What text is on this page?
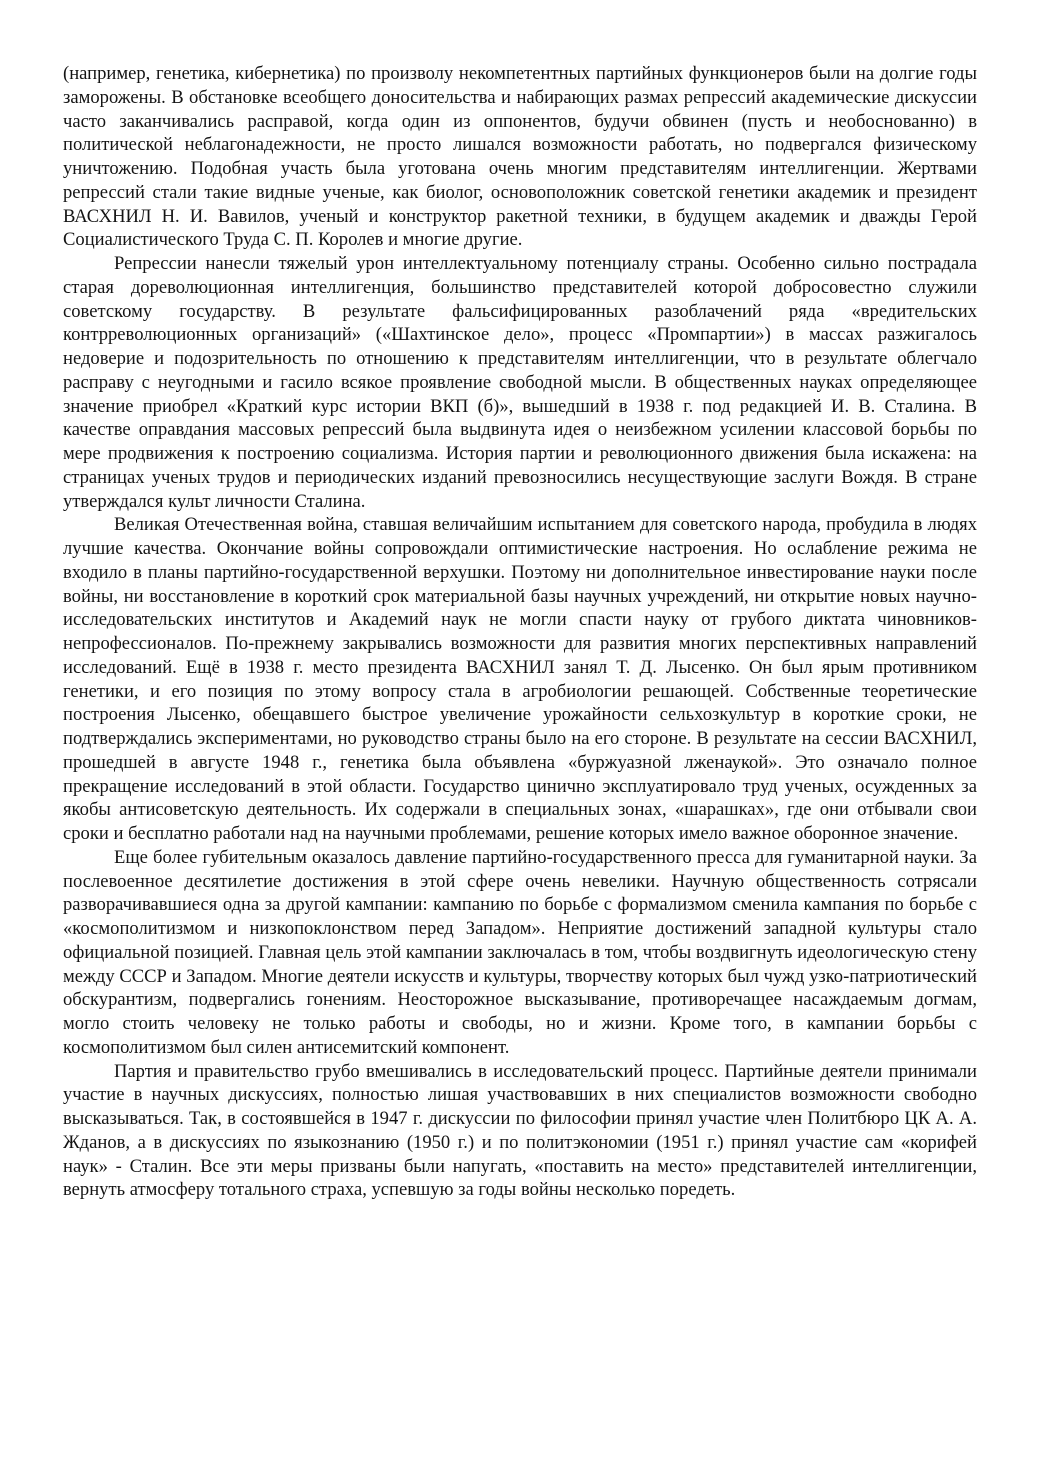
(например, генетика, кибернетика) по произволу некомпетентных партийных функционеров были на долгие годы заморожены. В обстановке всеобщего доносительства и набирающих размах репрессий академические дискуссии часто заканчивались расправой, когда один из оппонентов, будучи обвинен (пусть и необоснованно) в политической неблагонадежности, не просто лишался возможности работать, но подвергался физическому уничтожению. Подобная участь была уготована очень многим представителям интеллигенции. Жертвами репрессий стали такие видные ученые, как биолог, основоположник советской генетики академик и президент ВАСХНИЛ Н. И. Вавилов, ученый и конструктор ракетной техники, в будущем академик и дважды Герой Социалистического Труда С. П. Королев и многие другие.

Репрессии нанесли тяжелый урон интеллектуальному потенциалу страны. Особенно сильно пострадала старая дореволюционная интеллигенция, большинство представителей которой добросовестно служили советскому государству. В результате фальсифицированных разоблачений ряда «вредительских контрреволюционных организаций» («Шахтинское дело», процесс «Промпартии») в массах разжигалось недоверие и подозрительность по отношению к представителям интеллигенции, что в результате облегчало расправу с неугодными и гасило всякое проявление свободной мысли. В общественных науках определяющее значение приобрел «Краткий курс истории ВКП (б)», вышедший в 1938 г. под редакцией И. В. Сталина. В качестве оправдания массовых репрессий была выдвинута идея о неизбежном усилении классовой борьбы по мере продвижения к построению социализма. История партии и революционного движения была искажена: на страницах ученых трудов и периодических изданий превозносились несуществующие заслуги Вождя. В стране утверждался культ личности Сталина.

Великая Отечественная война, ставшая величайшим испытанием для советского народа, пробудила в людях лучшие качества. Окончание войны сопровождали оптимистические настроения. Но ослабление режима не входило в планы партийно-государственной верхушки. Поэтому ни дополнительное инвестирование науки после войны, ни восстановление в короткий срок материальной базы научных учреждений, ни открытие новых научно-исследовательских институтов и Академий наук не могли спасти науку от грубого диктата чиновников-непрофессионалов. По-прежнему закрывались возможности для развития многих перспективных направлений исследований. Ещё в 1938 г. место президента ВАСХНИЛ занял Т. Д. Лысенко. Он был ярым противником генетики, и его позиция по этому вопросу стала в агробиологии решающей. Собственные теоретические построения Лысенко, обещавшего быстрое увеличение урожайности сельхозкультур в короткие сроки, не подтверждались экспериментами, но руководство страны было на его стороне. В результате на сессии ВАСХНИЛ, прошедшей в августе 1948 г., генетика была объявлена «буржуазной лженаукой». Это означало полное прекращение исследований в этой области. Государство цинично эксплуатировало труд ученых, осужденных за якобы антисоветскую деятельность. Их содержали в специальных зонах, «шарашках», где они отбывали свои сроки и бесплатно работали над на научными проблемами, решение которых имело важное оборонное значение.

Еще более губительным оказалось давление партийно-государственного пресса для гуманитарной науки. За послевоенное десятилетие достижения в этой сфере очень невелики. Научную общественность сотрясали разворачивавшиеся одна за другой кампании: кампанию по борьбе с формализмом сменила кампания по борьбе с «космополитизмом и низкопоклонством перед Западом». Неприятие достижений западной культуры стало официальной позицией. Главная цель этой кампании заключалась в том, чтобы воздвигнуть идеологическую стену между СССР и Западом. Многие деятели искусств и культуры, творчеству которых был чужд узко-патриотический обскурантизм, подвергались гонениям. Неосторожное высказывание, противоречащее насаждаемым догмам, могло стоить человеку не только работы и свободы, но и жизни. Кроме того, в кампании борьбы с космополитизмом был силен антисемитский компонент.

Партия и правительство грубо вмешивались в исследовательский процесс. Партийные деятели принимали участие в научных дискуссиях, полностью лишая участвовавших в них специалистов возможности свободно высказываться. Так, в состоявшейся в 1947 г. дискуссии по философии принял участие член Политбюро ЦК А. А. Жданов, а в дискуссиях по языкознанию (1950 г.) и по политэкономии (1951 г.) принял участие сам «корифей наук» - Сталин. Все эти меры призваны были напугать, «поставить на место» представителей интеллигенции, вернуть атмосферу тотального страха, успевшую за годы войны несколько поредеть.
